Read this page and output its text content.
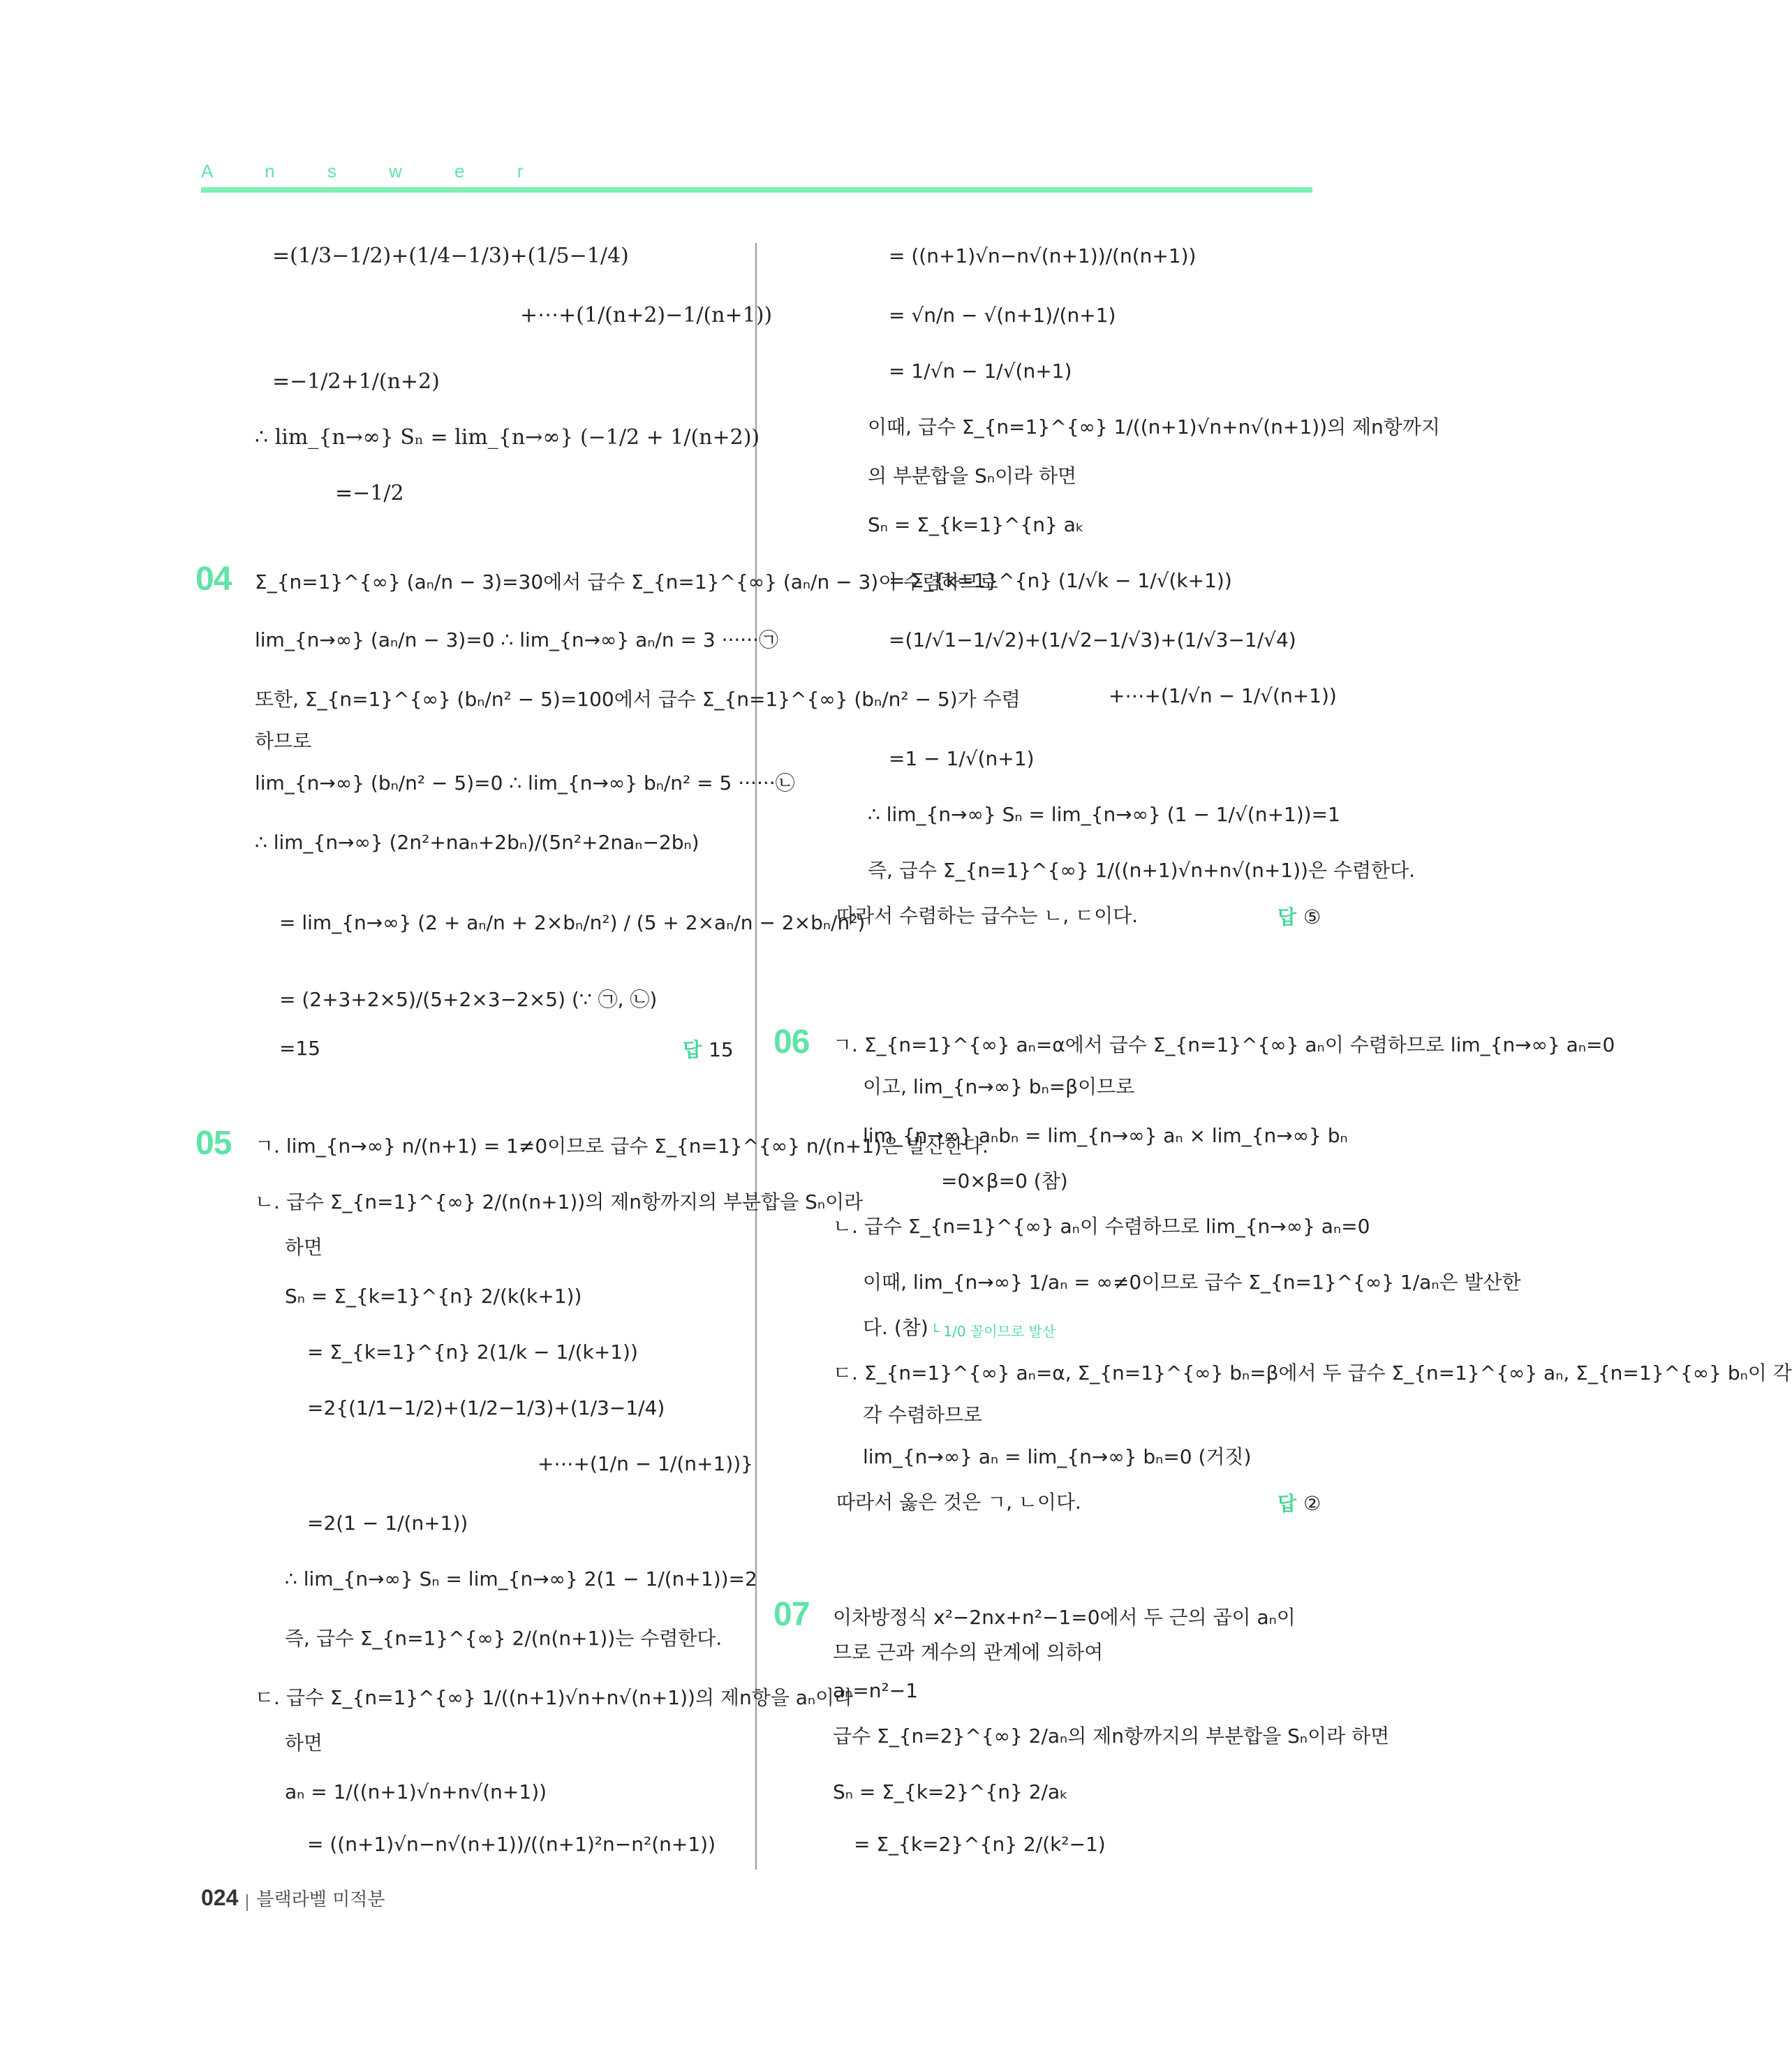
A n s w e r
=(1/3−1/2)+(1/4−1/3)+(1/5−1/4)
+⋯+(1/(n+2)−1/(n+1))
=−1/2+1/(n+2)
∴ lim_{n→∞} Sₙ = lim_{n→∞} (−1/2 + 1/(n+2))
=−1/2
04 Σ_{n=1}^{∞} (aₙ/n − 3)=30에서 급수 Σ_{n=1}^{∞} (aₙ/n − 3)이 수렴하므로
lim_{n→∞} (aₙ/n − 3)=0 ∴ lim_{n→∞} aₙ/n = 3 ······㉠
또한, Σ_{n=1}^{∞} (bₙ/n² − 5)=100에서 급수 Σ_{n=1}^{∞} (bₙ/n² − 5)가 수렴
하므로
lim_{n→∞} (bₙ/n² − 5)=0 ∴ lim_{n→∞} bₙ/n² = 5 ······㉡
∴ lim_{n→∞} (2n²+naₙ+2bₙ)/(5n²+2naₙ−2bₙ)
= lim_{n→∞} (2 + aₙ/n + 2×bₙ/n²) / (5 + 2×aₙ/n − 2×bₙ/n²)
= (2+3+2×5)/(5+2×3−2×5) (∵ ㉠, ㉡)
=15	답 15
05 ㄱ. lim_{n→∞} n/(n+1) = 1≠0이므로 급수 Σ_{n=1}^{∞} n/(n+1)은 발산한다.
ㄴ. 급수 Σ_{n=1}^{∞} 2/(n(n+1))의 제n항까지의 부분합을 Sₙ이라
하면
Sₙ = Σ_{k=1}^{n} 2/(k(k+1))
= Σ_{k=1}^{n} 2(1/k − 1/(k+1))
=2{(1/1−1/2)+(1/2−1/3)+(1/3−1/4)
+⋯+(1/n − 1/(n+1))}
=2(1 − 1/(n+1))
∴ lim_{n→∞} Sₙ = lim_{n→∞} 2(1 − 1/(n+1))=2
즉, 급수 Σ_{n=1}^{∞} 2/(n(n+1))는 수렴한다.
ㄷ. 급수 Σ_{n=1}^{∞} 1/((n+1)√n+n√(n+1))의 제n항을 aₙ이라
하면
aₙ = 1/((n+1)√n+n√(n+1))
= ((n+1)√n−n√(n+1))/((n+1)²n−n²(n+1))
= ((n+1)√n−n√(n+1))/(n(n+1))
= √n/n − √(n+1)/(n+1)
= 1/√n − 1/√(n+1)
이때, 급수 Σ_{n=1}^{∞} 1/((n+1)√n+n√(n+1))의 제n항까지
의 부분합을 Sₙ이라 하면
Sₙ = Σ_{k=1}^{n} aₖ
= Σ_{k=1}^{n} (1/√k − 1/√(k+1))
=(1/√1−1/√2)+(1/√2−1/√3)+(1/√3−1/√4)
+⋯+(1/√n − 1/√(n+1))
=1 − 1/√(n+1)
∴ lim_{n→∞} Sₙ = lim_{n→∞} (1 − 1/√(n+1))=1
즉, 급수 Σ_{n=1}^{∞} 1/((n+1)√n+n√(n+1))은 수렴한다.
따라서 수렴하는 급수는 ㄴ, ㄷ이다.	답 ⑤
06 ㄱ. Σ_{n=1}^{∞} aₙ=α에서 급수 Σ_{n=1}^{∞} aₙ이 수렴하므로 lim_{n→∞} aₙ=0
이고, lim_{n→∞} bₙ=β이므로
lim_{n→∞} aₙbₙ = lim_{n→∞} aₙ × lim_{n→∞} bₙ
=0×β=0 (참)
ㄴ. 급수 Σ_{n=1}^{∞} aₙ이 수렴하므로 lim_{n→∞} aₙ=0
이때, lim_{n→∞} 1/aₙ = ∞≠0이므로 급수 Σ_{n=1}^{∞} 1/aₙ은 발산한
다. (참) └ 1/0 꼴이므로 발산
ㄷ. Σ_{n=1}^{∞} aₙ=α, Σ_{n=1}^{∞} bₙ=β에서 두 급수 Σ_{n=1}^{∞} aₙ, Σ_{n=1}^{∞} bₙ이 각
각 수렴하므로
lim_{n→∞} aₙ = lim_{n→∞} bₙ=0 (거짓)
따라서 옳은 것은 ㄱ, ㄴ이다.	답 ②
07 이차방정식 x²−2nx+n²−1=0에서 두 근의 곱이 aₙ이
므로 근과 계수의 관계에 의하여
aₙ=n²−1
급수 Σ_{n=2}^{∞} 2/aₙ의 제n항까지의 부분합을 Sₙ이라 하면
Sₙ = Σ_{k=2}^{n} 2/aₖ
= Σ_{k=2}^{n} 2/(k²−1)
024 블랙라벨 미적분
